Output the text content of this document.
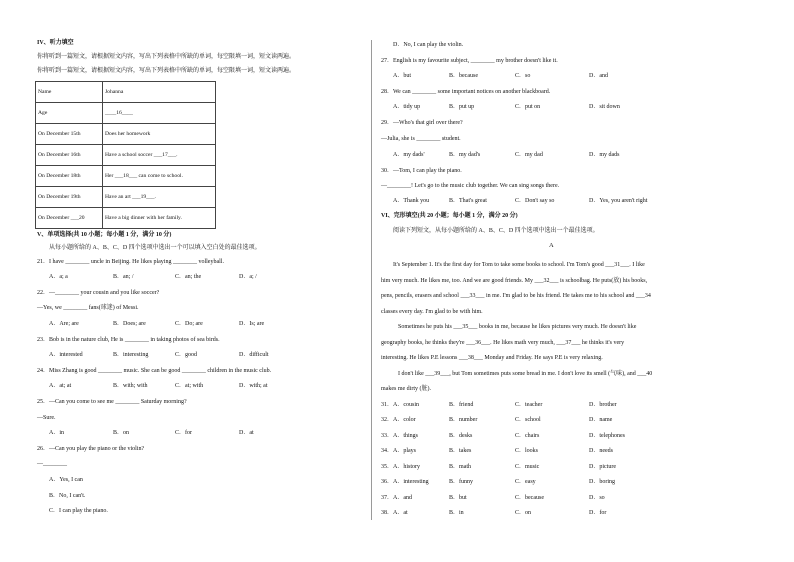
IV、听力填空
你将听到一篇短文，请根据短文内容，写出下列表格中所缺的单词，每空限填一词，短文读两遍。
你将听到一篇短文，请根据短文内容，写出下列表格中所缺的单词，每空限填一词，短文读两遍。
Name	Johanna
Age	____16____
On December 15th	Does her homework
On December 16th	Have a school soccer ___17___.
On December 18th	Her ___18___ can come to school.
On December 19th	Have an art ___19___.
On December ___20	Have a big dinner with her family.
V、单项选择(共 10 小题；每小题 1 分，满分 10 分)
从每小题所给的 A、B、C、D 四个选项中选出一个可以填入空白处的最佳选项。
21．I have ________ uncle in Beijing. He likes playing ________ volleyball.
A．a; a	B．an; /	C．an; the	D．a; /
22．—________ your cousin and you like soccer?
—Yes, we ________ fans(球迷) of Messi.
A．Are; are	B．Does; are	C．Do; are	D．Is; are
23．Bob is in the nature club, He is ________ in taking photos of sea birds.
A．interested	B．interesting	C．good	D．difficult
24．Miss Zhang is good ________ music. She can be good ________ children in the music club.
A．at; at	B．with; with	C．at; with	D．with; at
25．—Can you come to see me ________ Saturday morning?
—Sure.
A．in	B．on	C．for	D．at
26．—Can you play the piano or the violin?
—________
A．Yes, I can
B．No, I can't.
C．I can play the piano.
D．No, I can play the violin.
27．English is my favourite subject, ________ my brother doesn't like it.
A．but	B．because	C．so	D．and
28．We can ________ some important notices on another blackboard.
A．tidy up	B．put up	C．put on	D．sit down
29．—Who's that girl over there?
—Julia, she is ________ student.
A．my dads'	B．my dad's	C．my dad	D．my dads
30．—Tom, I can play the piano.
—________! Let's go to the music club together. We can sing songs there.
A．Thank you	B．That's great	C．Don't say so	D．Yes, you aren't right
VI、完形填空(共 20 小题；每小题 1 分，满分 20 分)
阅读下列短文，从每小题所给的 A、B、C、D 四个选项中选出一个最佳选项。
A
It's September 1. It's the first day for Tom to take some books to school. I'm Tom's good ___31___. I like
him very much. He likes me, too. And we are good friends. My ___32___ is schoolbag. He puts(放) his books,
pens, pencils, erasers and school ___33___ in me. I'm glad to be his friend. He takes me to his school and ___34
classes every day. I'm glad to be with him.
Sometimes he puts his ___35___ books in me, because he likes pictures very much. He doesn't like
geography books, he thinks they're ___36___. He likes math very much, ___37___ he thinks it's very
interesting. He likes P.E lessons ___38___ Monday and Friday. He says P.E is very relaxing.
I don't like ___39___, but Tom sometimes puts some bread in me. I don't love its smell (气味), and ___40
makes me dirty (脏).
31． A．cousin	B．friend	C．teacher	D．brother
32． A．color	B．number	C．school	D．name
33． A．things	B．desks	C．chairs	D．telephones
34． A．plays	B．takes	C．looks	D．needs
35． A．history	B．math	C．music	D．picture
36． A．interesting	B．funny	C．easy	D．boring
37． A．and	B．but	C．because	D．so
38． A．at	B．in	C．on	D．for
